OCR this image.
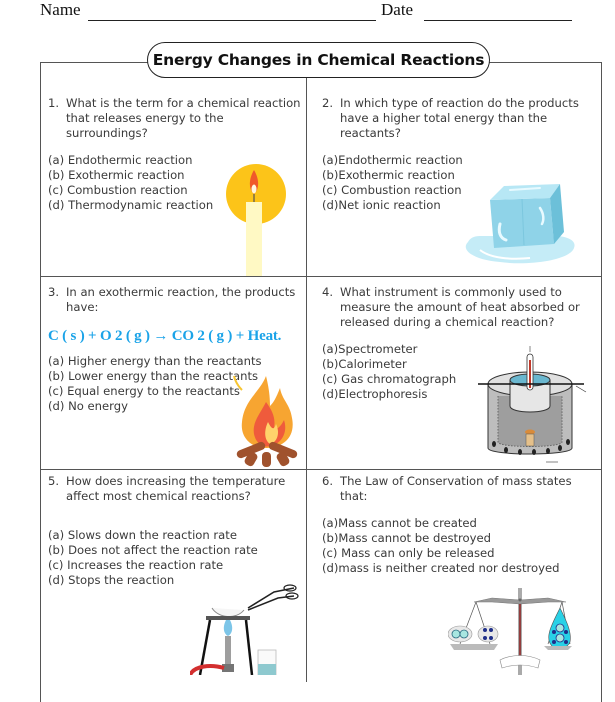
Name	Date
Energy Changes in Chemical Reactions
1. What is the term for a chemical reaction that releases energy to the surroundings?
(a) Endothermic reaction
(b) Exothermic reaction
(c) Combustion reaction
(d) Thermodynamic reaction
2. In which type of reaction do the products have a higher total energy than the reactants?
(a)Endothermic reaction
(b)Exothermic reaction
(c) Combustion reaction
(d)Net ionic reaction
3. In an exothermic reaction, the products have:
C ( s ) + O 2 ( g ) → CO 2 ( g ) + Heat.
(a) Higher energy than the reactants
(b) Lower energy than the reactants
(c) Equal energy to the reactants
(d) No energy
4. What instrument is commonly used to measure the amount of heat absorbed or released during a chemical reaction?
(a)Spectrometer
(b)Calorimeter
(c) Gas chromatograph
(d)Electrophoresis
5. How does increasing the temperature affect most chemical reactions?
(a) Slows down the reaction rate
(b) Does not affect the reaction rate
(c) Increases the reaction rate
(d) Stops the reaction
6. The Law of Conservation of mass states that:
(a)Mass cannot be created
(b)Mass cannot be destroyed
(c) Mass can only be released
(d)mass is neither created nor destroyed
